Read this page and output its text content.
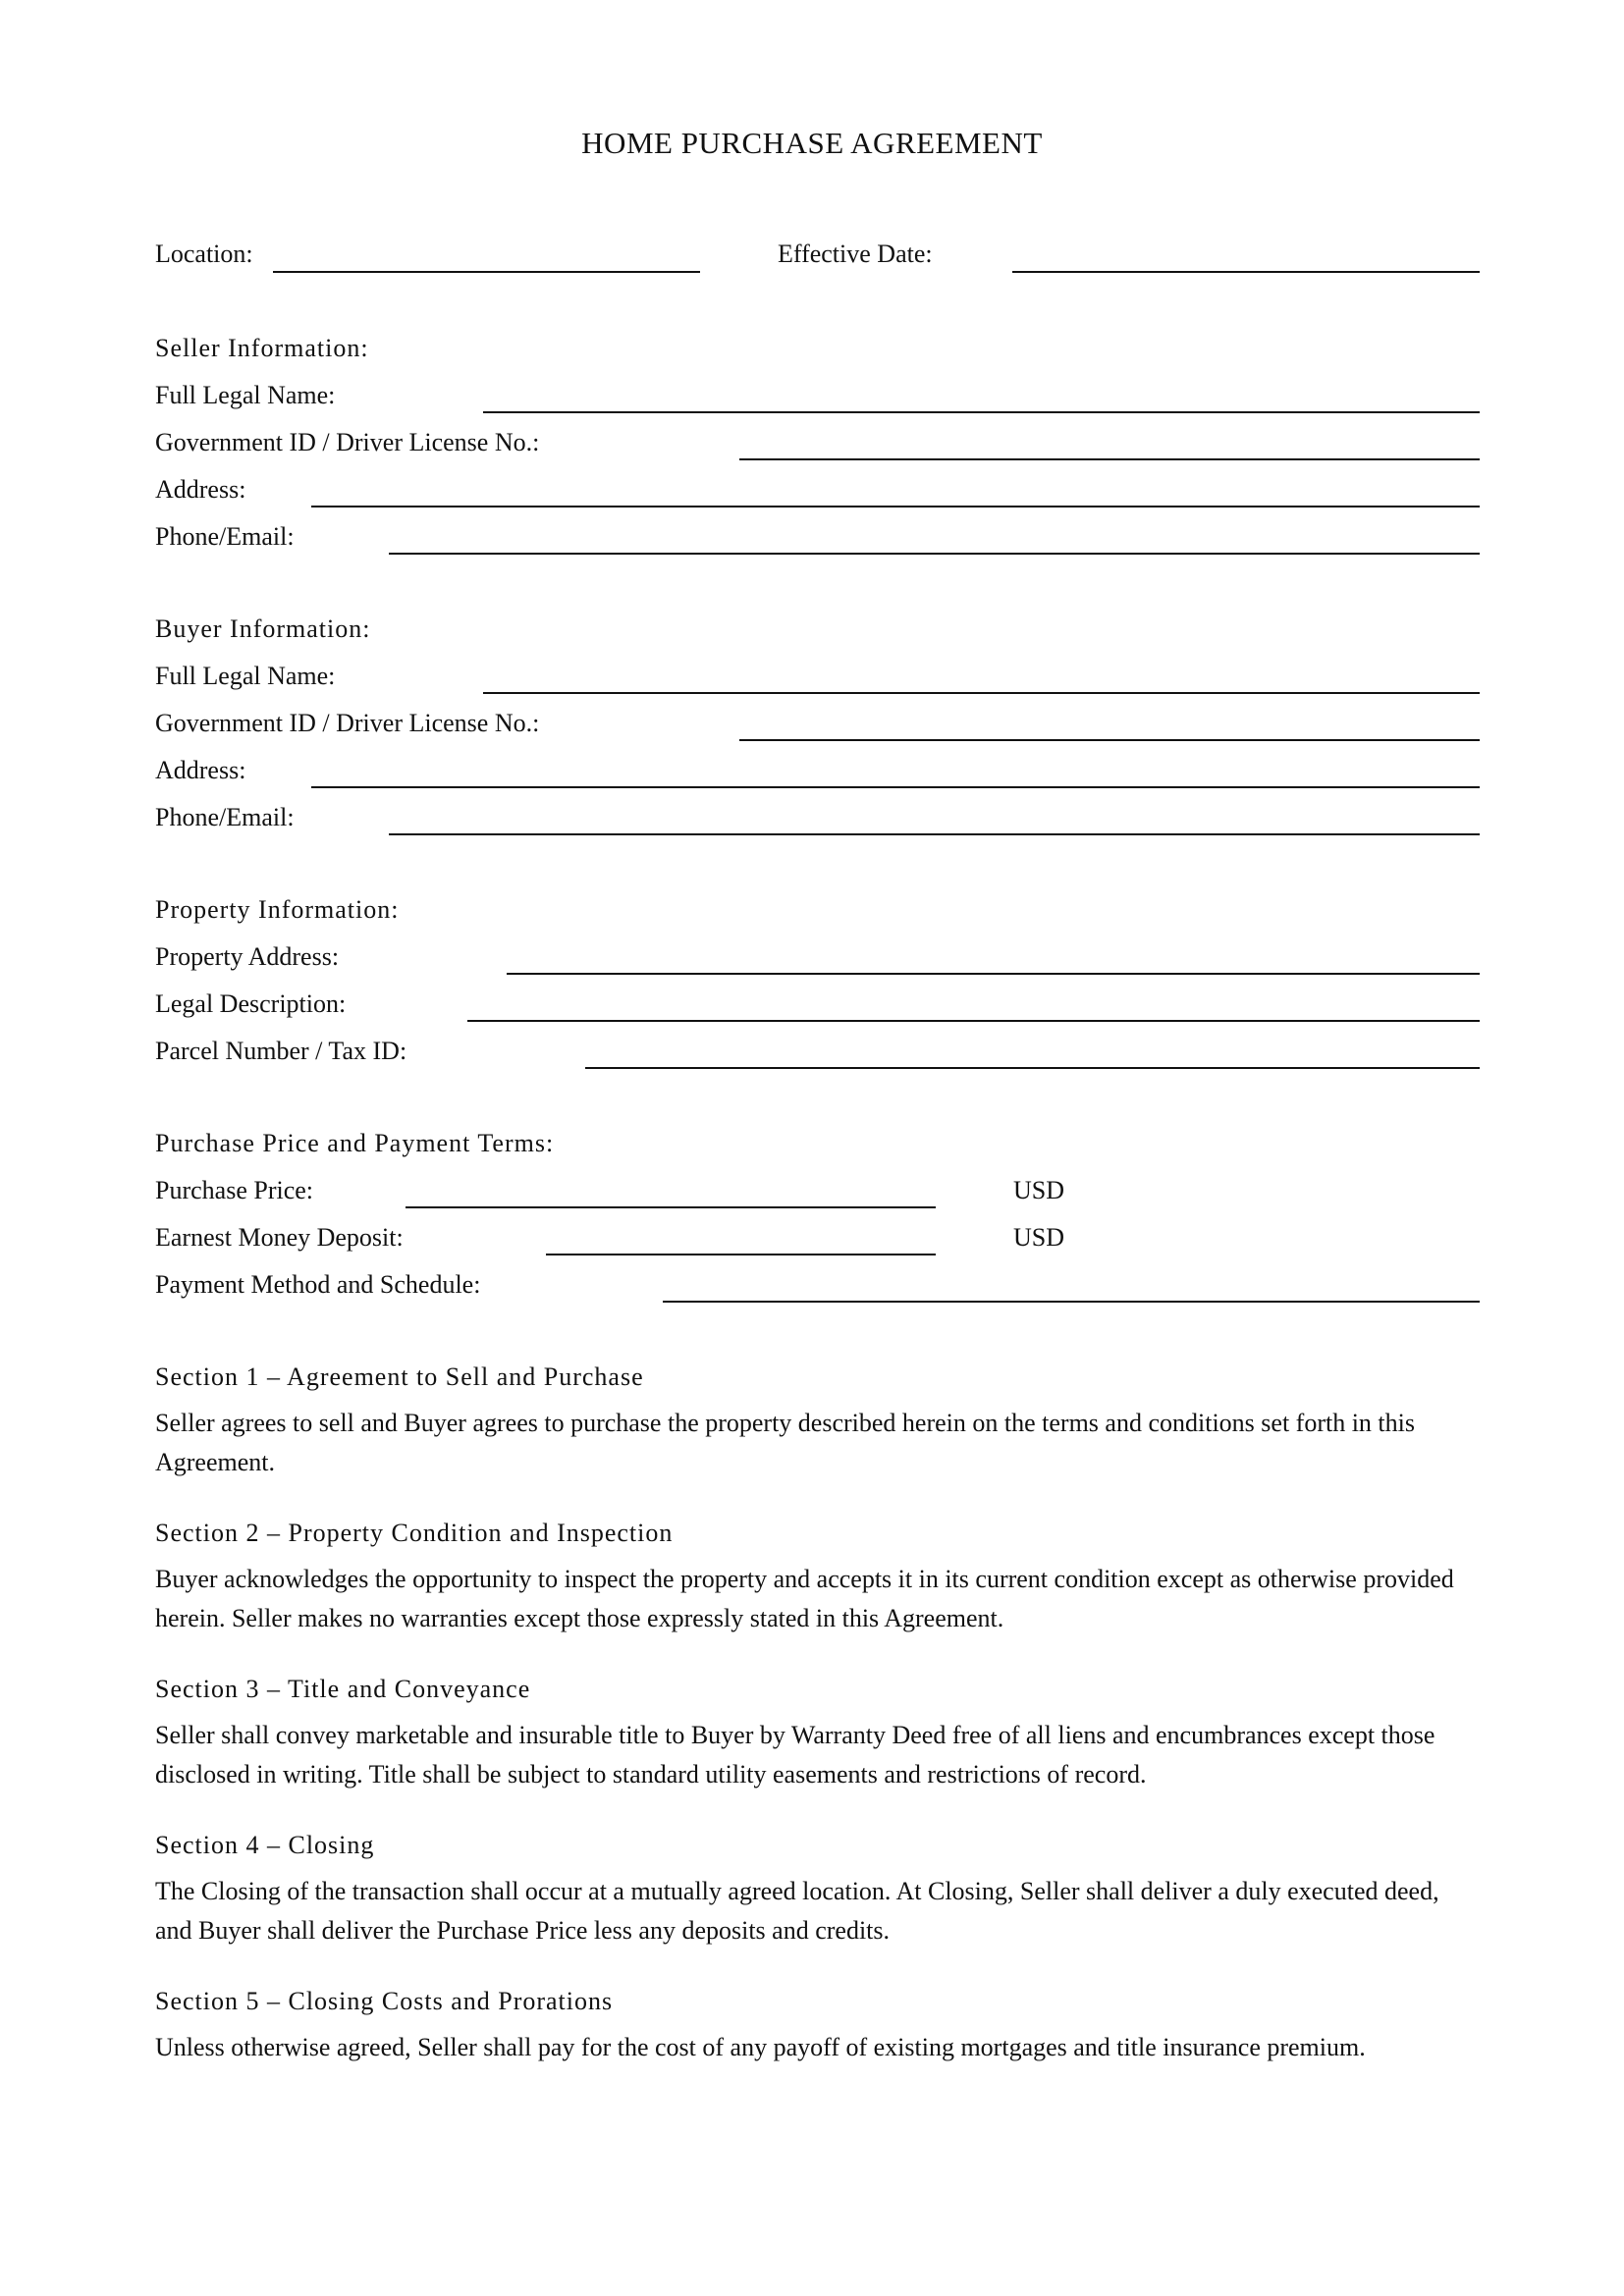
HOME PURCHASE AGREEMENT
Location:	Effective Date:
Seller Information:
Full Legal Name:
Government ID / Driver License No.:
Address:
Phone/Email:
Buyer Information:
Full Legal Name:
Government ID / Driver License No.:
Address:
Phone/Email:
Property Information:
Property Address:
Legal Description:
Parcel Number / Tax ID:
Purchase Price and Payment Terms:
Purchase Price:	USD
Earnest Money Deposit:	USD
Payment Method and Schedule:
Section 1 – Agreement to Sell and Purchase
Seller agrees to sell and Buyer agrees to purchase the property described herein on the terms and conditions set forth in this Agreement.
Section 2 – Property Condition and Inspection
Buyer acknowledges the opportunity to inspect the property and accepts it in its current condition except as otherwise provided herein. Seller makes no warranties except those expressly stated in this Agreement.
Section 3 – Title and Conveyance
Seller shall convey marketable and insurable title to Buyer by Warranty Deed free of all liens and encumbrances except those disclosed in writing. Title shall be subject to standard utility easements and restrictions of record.
Section 4 – Closing
The Closing of the transaction shall occur at a mutually agreed location. At Closing, Seller shall deliver a duly executed deed, and Buyer shall deliver the Purchase Price less any deposits and credits.
Section 5 – Closing Costs and Prorations
Unless otherwise agreed, Seller shall pay for the cost of any payoff of existing mortgages and title insurance premium.
